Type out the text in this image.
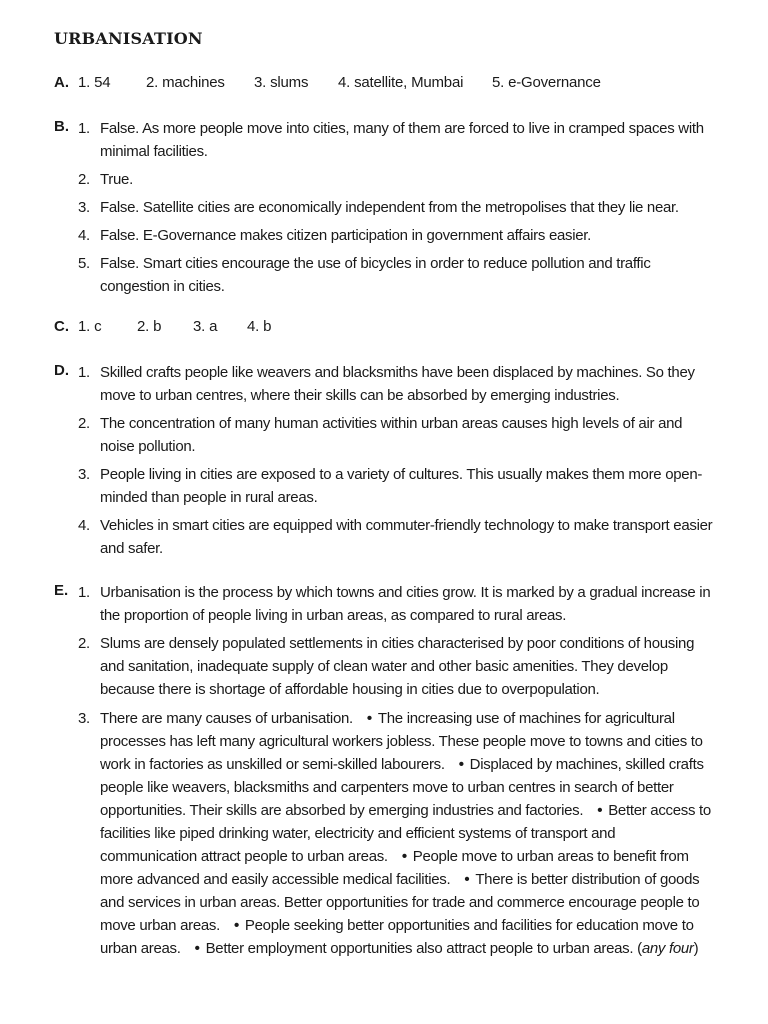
URBANISATION
A. 1. 54 2. machines 3. slums 4. satellite, Mumbai 5. e-Governance
B. 1. False. As more people move into cities, many of them are forced to live in cramped spaces with minimal facilities.
2. True.
3. False. Satellite cities are economically independent from the metropolises that they lie near.
4. False. E-Governance makes citizen participation in government affairs easier.
5. False. Smart cities encourage the use of bicycles in order to reduce pollution and traffic congestion in cities.
C. 1. c 2. b 3. a 4. b
D. 1. Skilled crafts people like weavers and blacksmiths have been displaced by machines. So they move to urban centres, where their skills can be absorbed by emerging industries.
2. The concentration of many human activities within urban areas causes high levels of air and noise pollution.
3. People living in cities are exposed to a variety of cultures. This usually makes them more open-minded than people in rural areas.
4. Vehicles in smart cities are equipped with commuter-friendly technology to make transport easier and safer.
E. 1. Urbanisation is the process by which towns and cities grow. It is marked by a gradual increase in the proportion of people living in urban areas, as compared to rural areas.
2. Slums are densely populated settlements in cities characterised by poor conditions of housing and sanitation, inadequate supply of clean water and other basic amenities. They develop because there is shortage of affordable housing in cities due to overpopulation.
3. There are many causes of urbanisation. • The increasing use of machines for agricultural processes has left many agricultural workers jobless. These people move to towns and cities to work in factories as unskilled or semi-skilled labourers. • Displaced by machines, skilled crafts people like weavers, blacksmiths and carpenters move to urban centres in search of better opportunities. Their skills are absorbed by emerging industries and factories. • Better access to facilities like piped drinking water, electricity and efficient systems of transport and communication attract people to urban areas. • People move to urban areas to benefit from more advanced and easily accessible medical facilities. • There is better distribution of goods and services in urban areas. Better opportunities for trade and commerce encourage people to move urban areas. • People seeking better opportunities and facilities for education move to urban areas. • Better employment opportunities also attract people to urban areas. (any four)
